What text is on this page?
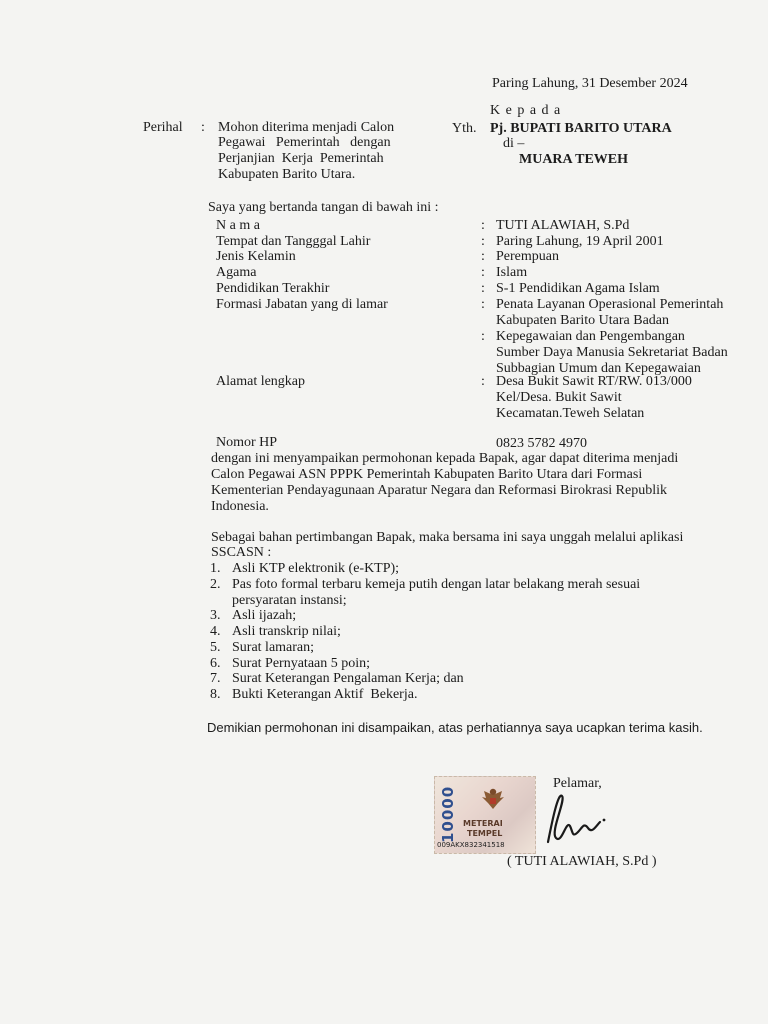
Paring Lahung, 31 Desember 2024
K e p a d a
Perihal : Mohon diterima menjadi Calon
Pegawai   Pemerintah   dengan
Perjanjian  Kerja  Pemerintah
Kabupaten Barito Utara.
Yth. Pj. BUPATI BARITO UTARA
di –
MUARA TEWEH
Saya yang bertanda tangan di bawah ini :
N a m a	: TUTI ALAWIAH, S.Pd
Tempat dan Tangggal Lahir	: Paring Lahung, 19 April 2001
Jenis Kelamin	: Perempuan
Agama	: Islam
Pendidikan Terakhir	: S-1 Pendidikan Agama Islam
Formasi Jabatan yang di lamar	: Penata Layanan Operasional Pemerintah
Kabupaten Barito Utara Badan
: Kepegawaian dan Pengembangan
Sumber Daya Manusia Sekretariat Badan
Subbagian Umum dan Kepegawaian
Alamat lengkap	: Desa Bukit Sawit RT/RW. 013/000
Kel/Desa. Bukit Sawit
Kecamatan.Teweh Selatan
Nomor HP	0823 5782 4970
dengan ini menyampaikan permohonan kepada Bapak, agar dapat diterima menjadi
Calon Pegawai ASN PPPK Pemerintah Kabupaten Barito Utara dari Formasi
Kementerian Pendayagunaan Aparatur Negara dan Reformasi Birokrasi Republik
Indonesia.
Sebagai bahan pertimbangan Bapak, maka bersama ini saya unggah melalui aplikasi
SSCASN :
1. Asli KTP elektronik (e-KTP);
2. Pas foto formal terbaru kemeja putih dengan latar belakang merah sesuai
persyaratan instansi;
3. Asli ijazah;
4. Asli transkrip nilai;
5. Surat lamaran;
6. Surat Pernyataan 5 poin;
7. Surat Keterangan Pengalaman Kerja; dan
8. Bukti Keterangan Aktif  Bekerja.
Demikian permohonan ini disampaikan, atas perhatiannya saya ucapkan terima kasih.
Pelamar,
10000 METERAI
TEMPEL
009AKX832341518
( TUTI ALAWIAH, S.Pd )
